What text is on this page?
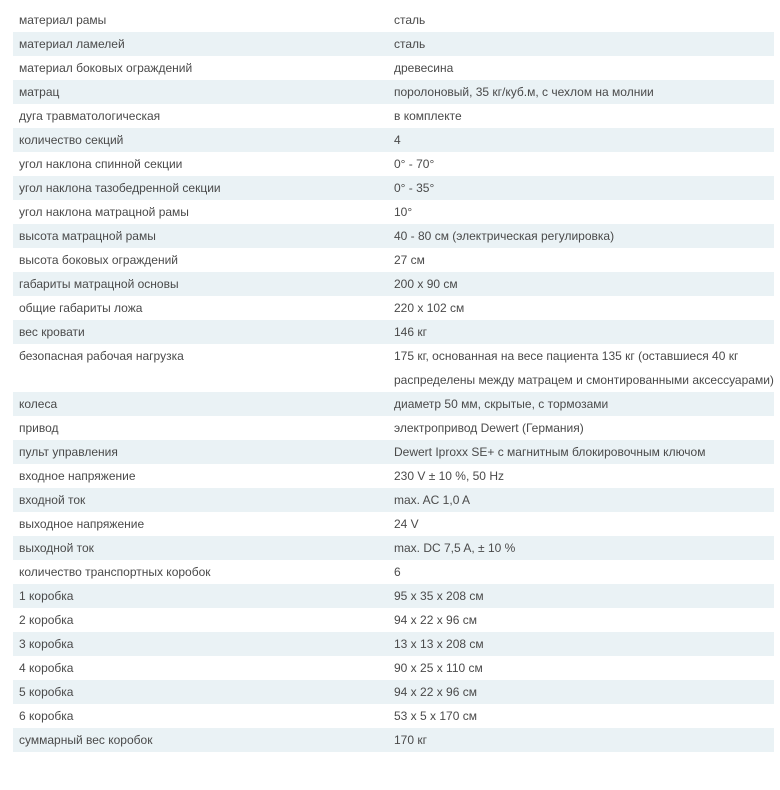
материал рамы	сталь
материал ламелей	сталь
материал боковых ограждений	древесина
матрац	поролоновый, 35 кг/куб.м, с чехлом на молнии
дуга травматологическая	в комплекте
количество секций	4
угол наклона спинной секции	0° - 70°
угол наклона тазобедренной секции	0° - 35°
угол наклона матрацной рамы	10°
высота матрацной рамы	40 - 80 см (электрическая регулировка)
высота боковых ограждений	27 см
габариты матрацной основы	200 х 90 см
общие габариты ложа	220 х 102 см
вес кровати	146 кг
безопасная рабочая нагрузка	175 кг, основанная на весе пациента 135 кг (оставшиеся 40 кг распределены между матрацем и смонтированными аксессуарами)
колеса	диаметр 50 мм, скрытые, с тормозами
привод	электропривод Dewert (Германия)
пульт управления	Dewert Iproxx SE+ с магнитным блокировочным ключом
входное напряжение	230 V ± 10 %, 50 Hz
входной ток	max. AC 1,0 A
выходное напряжение	24 V
выходной ток	max. DC 7,5 A, ± 10 %
количество транспортных коробок	6
1 коробка	95 х 35 х 208 см
2 коробка	94 х 22 х 96 см
3 коробка	13 х 13 х 208 см
4 коробка	90 х 25 х 110 см
5 коробка	94 х 22 х 96 см
6 коробка	53 х 5 х 170 см
суммарный вес коробок	170 кг
